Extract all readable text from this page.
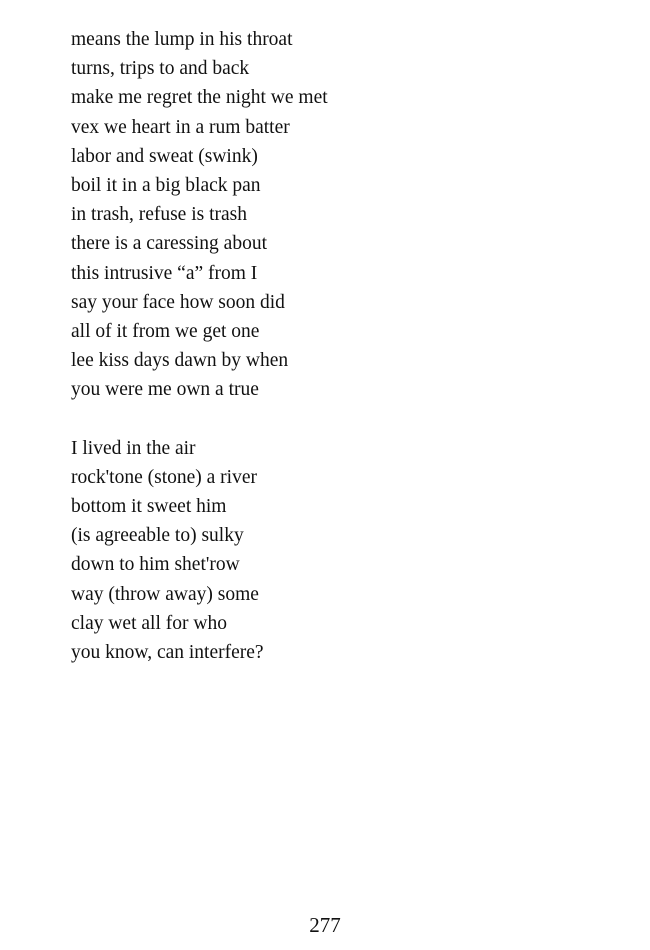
means the lump in his throat
turns, trips to and back
make me regret the night we met
vex we heart in a rum batter
labor and sweat (swink)
boil it in a big black pan
in trash, refuse is trash
there is a caressing about
this intrusive “a” from I
say your face how soon did
all of it from we get one
lee kiss days dawn by when
you were me own a true
I lived in the air
rock'tone (stone) a river
bottom it sweet him
(is agreeable to) sulky
down to him shet'row
way (throw away) some
clay wet all for who
you know, can interfere?
277
